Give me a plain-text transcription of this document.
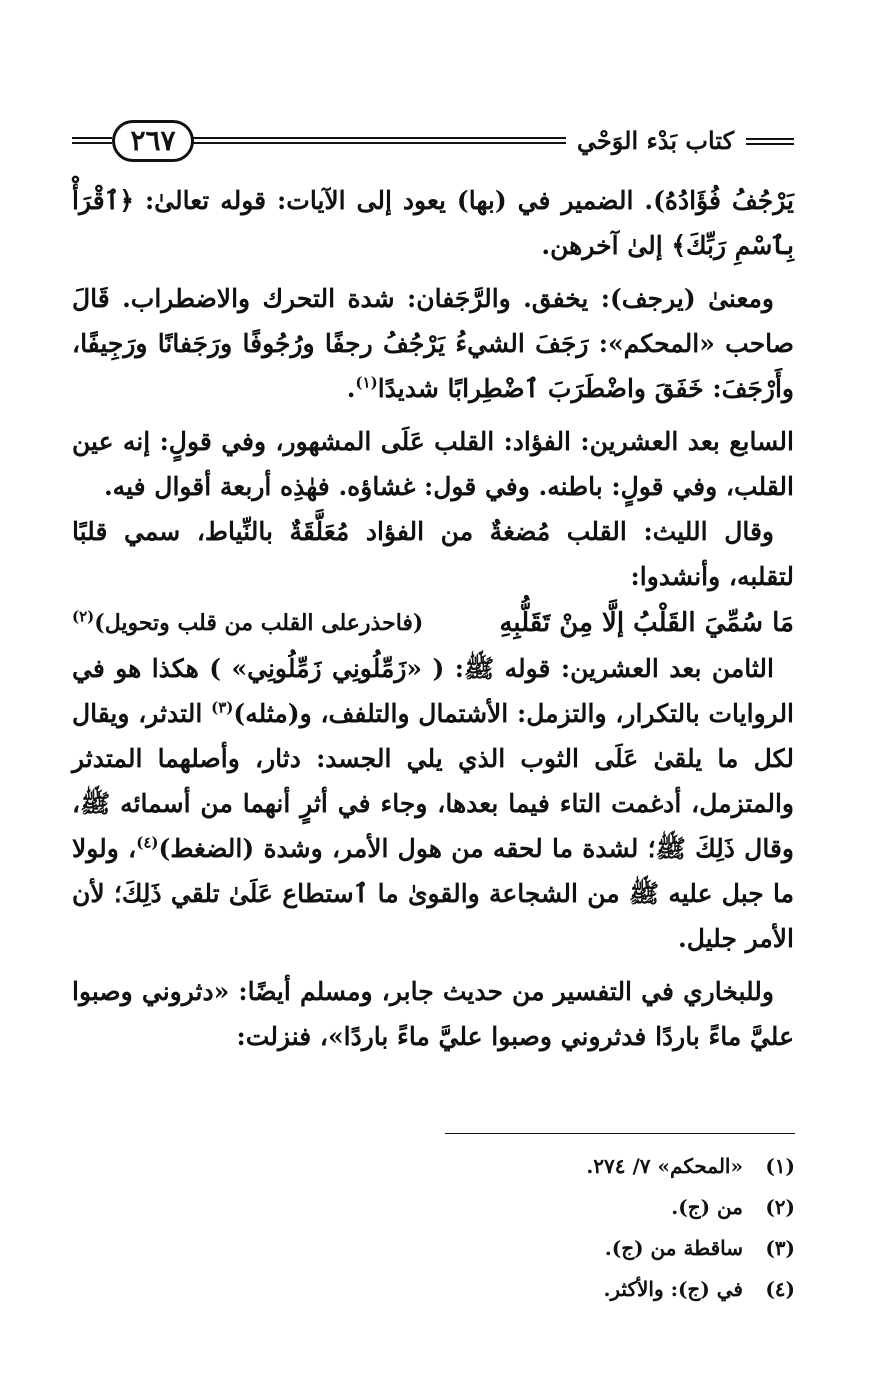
كتاب بَدْء الوَحْي
٢٦٧

يَرْجُفُ فُؤَادُهُ). الضمير في (بها) يعود إلى الآيات: قوله تعالىٰ: ﴿ٱقْرَأْ بِٱسْمِ رَبِّكَ﴾ إلىٰ آخرهن.

ومعنىٰ (يرجف): يخفق. والرَّجَفان: شدة التحرك والاضطراب. قَالَ صاحب «المحكم»: رَجَفَ الشيءُ يَرْجُفُ رجفًا ورُجُوفًا ورَجَفانًا ورَجِيفًا، وأَرْجَفَ: خَفَقَ واضْطَرَبَ ٱضْطِرابًا شديدًا$^{(١)}$.

السابع بعد العشرين: الفؤاد: القلب عَلَى المشهور، وفي قولٍ: إنه عين القلب، وفي قولٍ: باطنه. وفي قول: غشاؤه. فهٰذِه أربعة أقوال فيه.

وقال الليث: القلب مُضغةٌ من الفؤاد مُعَلَّقَةٌ بالنِّياط، سمي قلبًا لتقلبه، وأنشدوا:

مَا سُمِّيَ القَلْبُ إلَّا مِنْ تَقَلُّبِهِ
(فاحذرعلى القلب من قلب وتحويل)$^{(٢)}$

الثامن بعد العشرين: قوله ﷺ: ( «زَمِّلُونِي زَمِّلُونِي» ) هكذا هو في الروايات بالتكرار، والتزمل: الأشتمال والتلفف، و(مثله)$^{(٣)}$ التدثر، ويقال لكل ما يلقىٰ عَلَى الثوب الذي يلي الجسد: دثار، وأصلهما المتدثر والمتزمل، أدغمت التاء فيما بعدها، وجاء في أثرٍ أنهما من أسمائه ﷺ، وقال ذَلِكَ ﷺ؛ لشدة ما لحقه من هول الأمر، وشدة (الضغط)$^{(٤)}$، ولولا ما جبل عليه ﷺ من الشجاعة والقوىٰ ما ٱستطاع عَلَىٰ تلقي ذَلِكَ؛ لأن الأمر جليل.

وللبخاري في التفسير من حديث جابر، ومسلم أيضًا: «دثروني وصبوا عليَّ ماءً باردًا فدثروني وصبوا عليَّ ماءً باردًا»، فنزلت:

(١)
«المحكم» ٧/ ٢٧٤.
(٢)
من (ج).
(٣)
ساقطة من (ج).
(٤)
في (ج): والأكثر.
